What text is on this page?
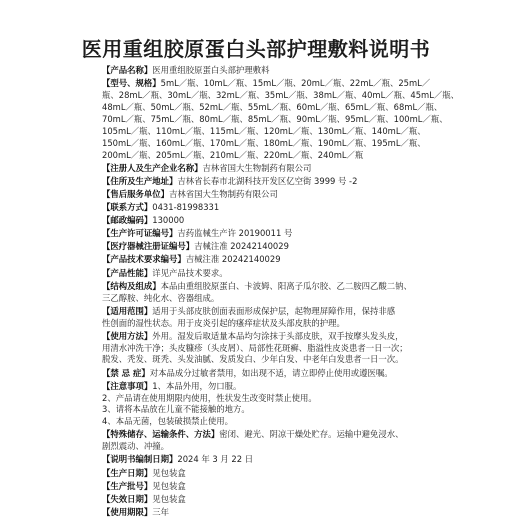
医用重组胶原蛋白头部护理敷料说明书
【产品名称】医用重组胶原蛋白头部护理敷料
【型号、规格】5mL／瓶、10mL／瓶、15mL／瓶、20mL／瓶、22mL／瓶、25mL／
瓶、28mL／瓶、30mL／瓶、32mL／瓶、35mL／瓶、38mL／瓶、40mL／瓶、45mL／瓶、
48mL／瓶、50mL／瓶、52mL／瓶、55mL／瓶、60mL／瓶、65mL／瓶、68mL／瓶、
70mL／瓶、75mL／瓶、80mL／瓶、85mL／瓶、90mL／瓶、95mL／瓶、100mL／瓶、
105mL／瓶、110mL／瓶、115mL／瓶、120mL／瓶、130mL／瓶、140mL／瓶、
150mL／瓶、160mL／瓶、170mL／瓶、180mL／瓶、190mL／瓶、195mL／瓶、
200mL／瓶、205mL／瓶、210mL／瓶、220mL／瓶、240mL／瓶
【注册人及生产企业名称】吉林省国大生物制药有限公司
【住所及生产地址】吉林省长春市北湖科技开发区亿空街 3999 号 -2
【售后服务单位】吉林省国大生物制药有限公司
【联系方式】0431-81998331
【邮政编码】130000
【生产许可证编号】吉药监械生产许 20190011 号
【医疗器械注册证编号】吉械注准 20242140029
【产品技术要求编号】吉械注准 20242140029
【产品性能】详见产品技术要求。
【结构及组成】本品由重组胶原蛋白、卡波姆、阳离子瓜尔胶、乙二胺四乙酸二钠、
三乙醇胺、纯化水、咨器组成。
【适用范围】适用于头部皮肤创面表面形成保护层，起物理屏障作用，保持非感
性创面的湿性状态。用于皮炎引起的瘙痒症状及头部皮肤的护理。
【使用方法】外用。湿发后取适量本品均匀涂抹于头部皮肤，双手按摩头发头皮，
用清水冲洗干净；头皮糠疹（头皮屑）、局部性花斑癣、脂溢性皮炎患者一日一次；
脱发、秃发、斑秃、头发油腻、发质发白、少年白发、中老年白发患者一日一次。
【禁 忌 症】对本品成分过敏者禁用，如出现不适，请立即停止使用或遵医嘱。
【注意事项】1、本品外用，勿口服。
2、产品请在使用期限内使用，性状发生改变时禁止使用。
3、请将本品放在儿童不能接触的地方。
4、本品无菌，包装破损禁止使用。
【特殊储存、运输条件、方法】密闭、避光、阴凉干燥处贮存。运输中避免浸水、
剧烈震动、冲撞。
【说明书编制日期】2024 年 3 月 22 日
【生产日期】见包装盒
【生产批号】见包装盒
【失效日期】见包装盒
【使用期限】三年
